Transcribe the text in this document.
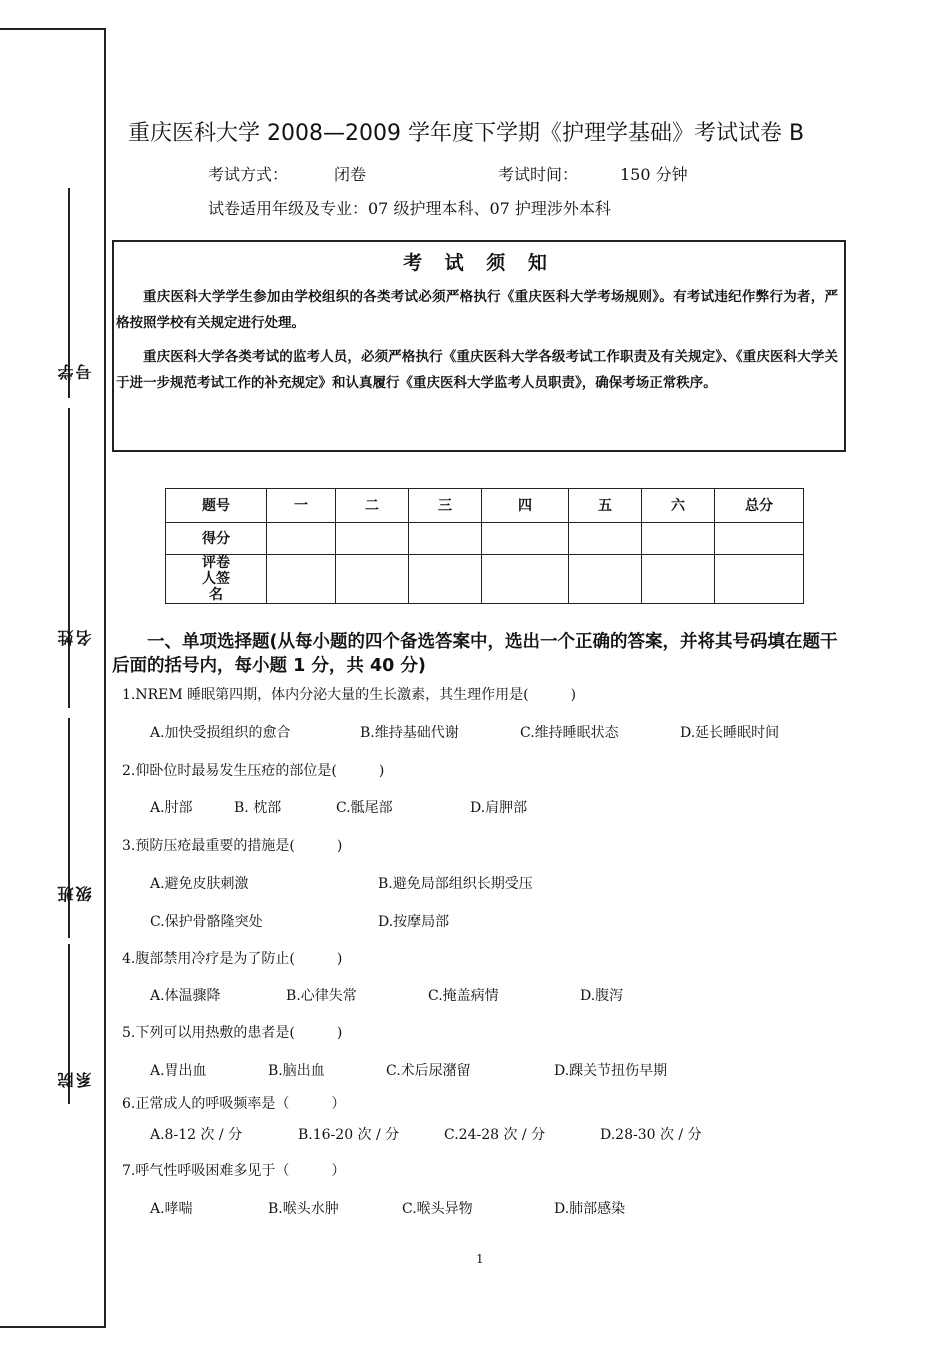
学号
姓名
班级
院系
重庆医科大学 2008—2009 学年度下学期《护理学基础》考试试卷 B
考试方式：	闭卷	考试时间：	150 分钟
试卷适用年级及专业：07 级护理本科、07 护理涉外本科
考 试 须 知

重庆医科大学学生参加由学校组织的各类考试必须严格执行《重庆医科大学考场规则》。有考试违纪作弊行为者，严格按照学校有关规定进行处理。

重庆医科大学各类考试的监考人员，必须严格执行《重庆医科大学各级考试工作职责及有关规定》、《重庆医科大学关于进一步规范考试工作的补充规定》和认真履行《重庆医科大学监考人员职责》，确保考场正常秩序。

题号	一	二	三	四	五	六	总分
得分							
评卷人签名							
一、单项选择题(从每小题的四个备选答案中，选出一个正确的答案，并将其号码填在题干后面的括号内，每小题 1 分，共 40 分)
1.NREM 睡眠第四期，体内分泌大量的生长激素，其生理作用是(　　　)
A.加快受损组织的愈合	B.维持基础代谢	C.维持睡眠状态	D.延长睡眠时间
2.仰卧位时最易发生压疮的部位是(　　　)
A.肘部	B. 枕部	C.骶尾部	D.肩胛部
3.预防压疮最重要的措施是(　　　)
A.避免皮肤刺激	B.避免局部组织长期受压
C.保护骨骼隆突处	D.按摩局部
4.腹部禁用冷疗是为了防止(　　　)
A.体温骤降	B.心律失常	C.掩盖病情	D.腹泻
5.下列可以用热敷的患者是(　　　)
A.胃出血	B.脑出血	C.术后尿潴留	D.踝关节扭伤早期
6.正常成人的呼吸频率是（　　　）
A.8-12 次 / 分	B.16-20 次 / 分	C.24-28 次 / 分	D.28-30 次 / 分
7.呼气性呼吸困难多见于（　　　）
A.哮喘	B.喉头水肿	C.喉头异物	D.肺部感染
1
